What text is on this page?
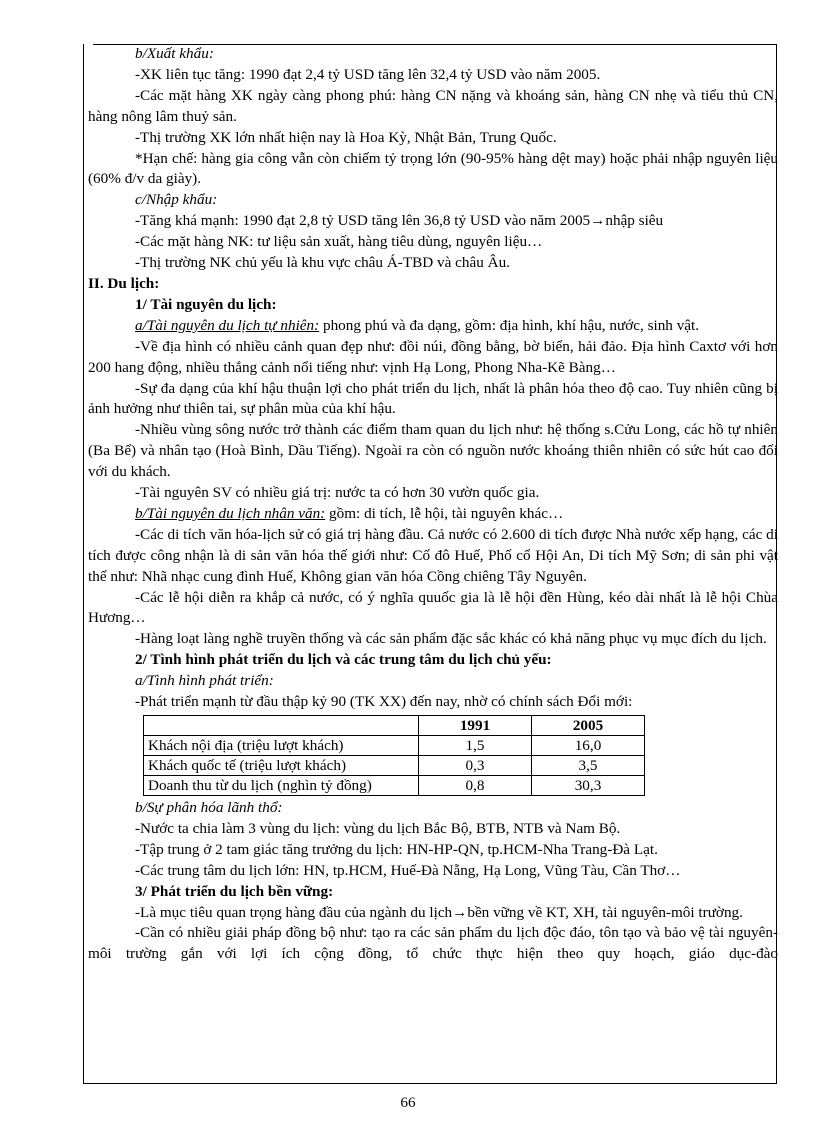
b/Xuất khẩu:

-XK liên tục tăng: 1990 đạt 2,4 tỷ USD tăng lên 32,4 tỷ USD vào năm 2005.

-Các mặt hàng XK ngày càng phong phú: hàng CN nặng và khoáng sản, hàng CN nhẹ và tiểu thủ CN, hàng nông lâm thuỷ sản.

-Thị trường XK lớn nhất hiện nay là Hoa Kỳ, Nhật Bản, Trung Quốc.

*Hạn chế: hàng gia công vẫn còn chiếm tỷ trọng lớn (90-95% hàng dệt may) hoặc phải nhập nguyên liệu (60% đ/v da giày).

c/Nhập khẩu:

-Tăng khá mạnh: 1990 đạt 2,8 tỷ USD tăng lên 36,8 tỷ USD vào năm 2005→nhập siêu

-Các mặt hàng NK: tư liệu sản xuất, hàng tiêu dùng, nguyên liệu…

-Thị trường NK chủ yếu là khu vực châu Á-TBD và châu Âu.

II. Du lịch:

1/ Tài nguyên du lịch:

a/Tài nguyên du lịch tự nhiên: phong phú và đa dạng, gồm: địa hình, khí hậu, nước, sinh vật.

-Về địa hình có nhiều cảnh quan đẹp như: đồi núi, đồng bằng, bờ biển, hải đảo. Địa hình Caxtơ với hơn 200 hang động, nhiều thắng cảnh nổi tiếng như: vịnh Hạ Long, Phong Nha-Kẽ Bàng…

-Sự đa dạng của khí hậu thuận lợi cho phát triển du lịch, nhất là phân hóa theo độ cao. Tuy nhiên cũng bị ảnh hưởng như thiên tai, sự phân mùa của khí hậu.

-Nhiều vùng sông nước trở thành các điểm tham quan du lịch như: hệ thống s.Cửu Long, các hồ tự nhiên (Ba Bể) và nhân tạo (Hoà Bình, Dầu Tiếng). Ngoài ra còn có nguồn nước khoáng thiên nhiên có sức hút cao đối với du khách.

-Tài nguyên SV có nhiều giá trị: nước ta có hơn 30 vườn quốc gia.

b/Tài nguyên du lịch nhân văn: gồm: di tích, lễ hội, tài nguyên khác…

-Các di tích văn hóa-lịch sử có giá trị hàng đầu. Cả nước có 2.600 di tích được Nhà nước xếp hạng, các di tích được công nhận là di sản văn hóa thế giới như: Cố đô Huế, Phố cổ Hội An, Di tích Mỹ Sơn; di sản phi vật thể như: Nhã nhạc cung đình Huế, Không gian văn hóa Cồng chiêng Tây Nguyên.

-Các lễ hội diễn ra khắp cả nước, có ý nghĩa quuốc gia là lễ hội đền Hùng, kéo dài nhất là lễ hội Chùa Hương…

-Hàng loạt làng nghề truyền thống và các sản phẩm đặc sắc khác có khả năng phục vụ mục đích du lịch.

2/ Tình hình phát triển du lịch và các trung tâm du lịch chủ yếu:

a/Tình hình phát triển:

-Phát triển mạnh từ đầu thập kỷ 90 (TK XX) đến nay, nhờ có chính sách Đổi mới:

	1991	2005
Khách nội địa (triệu lượt khách)	1,5	16,0
Khách quốc tế (triệu lượt khách)	0,3	3,5
Doanh thu từ du lịch (nghìn tỷ đồng)	0,8	30,3

b/Sự phân hóa lãnh thổ:

-Nước ta chia làm 3 vùng du lịch: vùng du lịch Bắc Bộ, BTB, NTB và Nam Bộ.

-Tập trung ở 2 tam giác tăng trưởng du lịch: HN-HP-QN, tp.HCM-Nha Trang-Đà Lạt.

-Các trung tâm du lịch lớn: HN, tp.HCM, Huế-Đà Nẵng, Hạ Long, Vũng Tàu, Cần Thơ…

3/ Phát triển du lịch bền vững:

-Là mục tiêu quan trọng hàng đầu của ngành du lịch→bền vững về KT, XH, tài nguyên-môi trường.

-Cần có nhiều giải pháp đồng bộ như: tạo ra các sản phẩm du lịch độc đáo, tôn tạo và bảo vệ tài nguyên-môi trường gắn với lợi ích cộng đồng, tổ chức thực hiện theo quy hoạch, giáo dục-đào

66
